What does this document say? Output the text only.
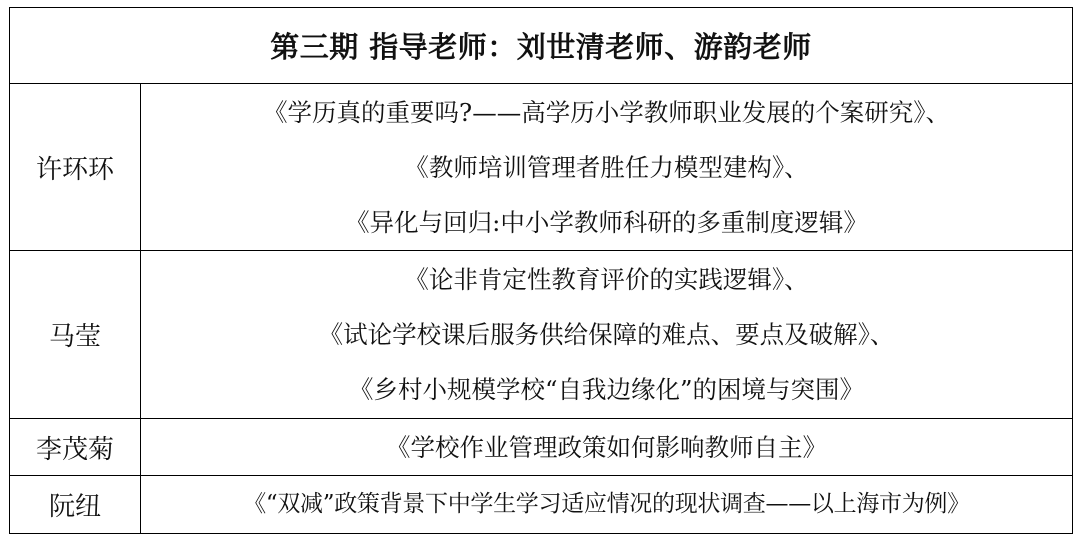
第三期 指导老师：刘世清老师、游韵老师	
许环环	《学历真的重要吗?——高学历小学教师职业发展的个案研究》、
《教师培训管理者胜任力模型建构》、
《异化与回归:中小学教师科研的多重制度逻辑》

马莹	《论非肯定性教育评价的实践逻辑》、
《试论学校课后服务供给保障的难点、要点及破解》、
《乡村小规模学校“自我边缘化”的困境与突围》

李茂菊	《学校作业管理政策如何影响教师自主》

阮纽	《“双减”政策背景下中学生学习适应情况的现状调查——以上海市为例》
